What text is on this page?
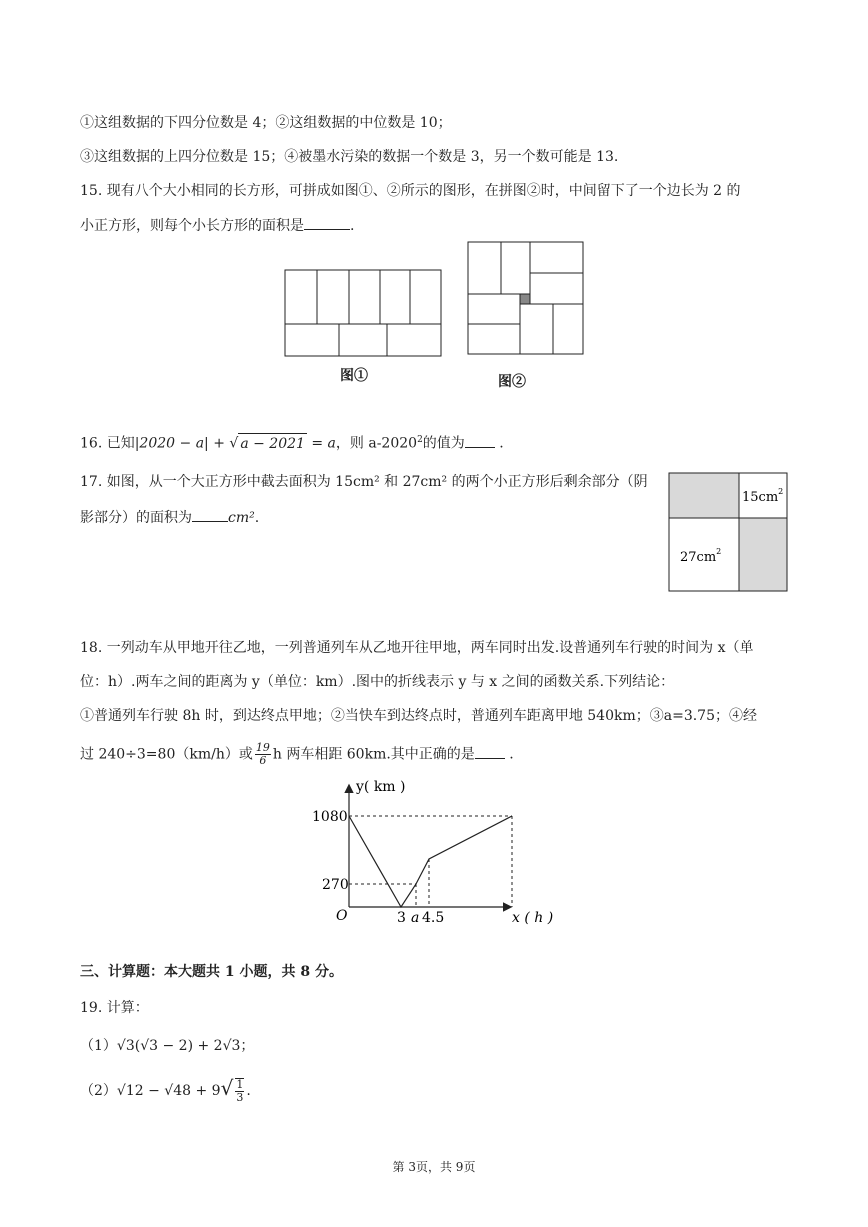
①这组数据的下四分位数是 4；②这组数据的中位数是 10；
③这组数据的上四分位数是 15；④被墨水污染的数据一个数是 3，另一个数可能是 13.
15. 现有八个大小相同的长方形，可拼成如图①、②所示的图形，在拼图②时，中间留下了一个边长为 2 的
小正方形，则每个小长方形的面积是	.
图①	图②
16. 已知|2020 − a| + √ a − 2021 = a，则 a-2020$^2$的值为 .
17. 如图，从一个大正方形中截去面积为 15cm² 和 27cm² 的两个小正方形后剩余部分（阴
影部分）的面积为	cm².
$15cm^2$
$27cm^2$
18. 一列动车从甲地开往乙地，一列普通列车从乙地开往甲地，两车同时出发.设普通列车行驶的时间为 x（单
位：h）.两车之间的距离为 y（单位：km）.图中的折线表示 y 与 x 之间的函数关系.下列结论：
①普通列车行驶 8h 时，到达终点甲地；②当快车到达终点时，普通列车距离甲地 540km；③a=3.75；④经
过 240÷3=80（km/h）或 $\frac{19}{6}$ h 两车相距 60km.其中正确的是 .
y( km )
x ( h )
O
1080
270
3 a 4.5
三、计算题：本大题共 1 小题，共 8 分。
19. 计算：
（1）√3(√3 − 2) + 2√3；
$(2)√12 - √48 + 9√ \frac{1}{3}$ .
第 3页，共 9页
